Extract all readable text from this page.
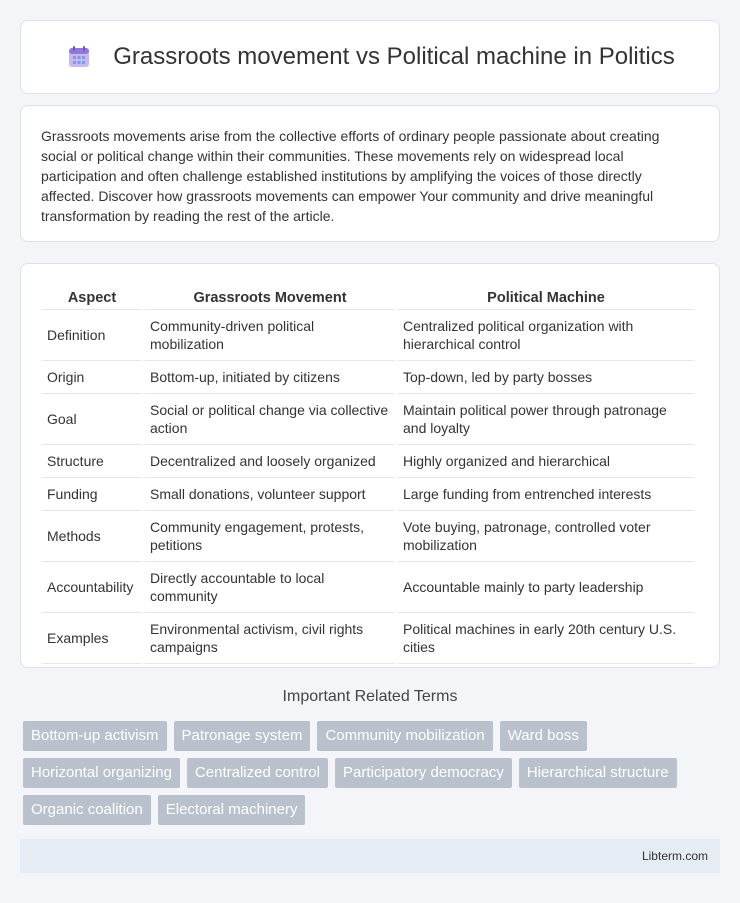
Grassroots movement vs Political machine in Politics

Grassroots movements arise from the collective efforts of ordinary people passionate about creating social or political change within their communities. These movements rely on widespread local participation and often challenge established institutions by amplifying the voices of those directly affected. Discover how grassroots movements can empower Your community and drive meaningful transformation by reading the rest of the article.

Aspect	Grassroots Movement	Political Machine
Definition	Community-driven political mobilization	Centralized political organization with hierarchical control
Origin	Bottom-up, initiated by citizens	Top-down, led by party bosses
Goal	Social or political change via collective action	Maintain political power through patronage and loyalty
Structure	Decentralized and loosely organized	Highly organized and hierarchical
Funding	Small donations, volunteer support	Large funding from entrenched interests
Methods	Community engagement, protests, petitions	Vote buying, patronage, controlled voter mobilization
Accountability	Directly accountable to local community	Accountable mainly to party leadership
Examples	Environmental activism, civil rights campaigns	Political machines in early 20th century U.S. cities
Important Related Terms
Bottom-up activism	Patronage system	Community mobilization	Ward boss
Horizontal organizing	Centralized control	Participatory democracy	Hierarchical structure
Organic coalition	Electoral machinery
Libterm.com
